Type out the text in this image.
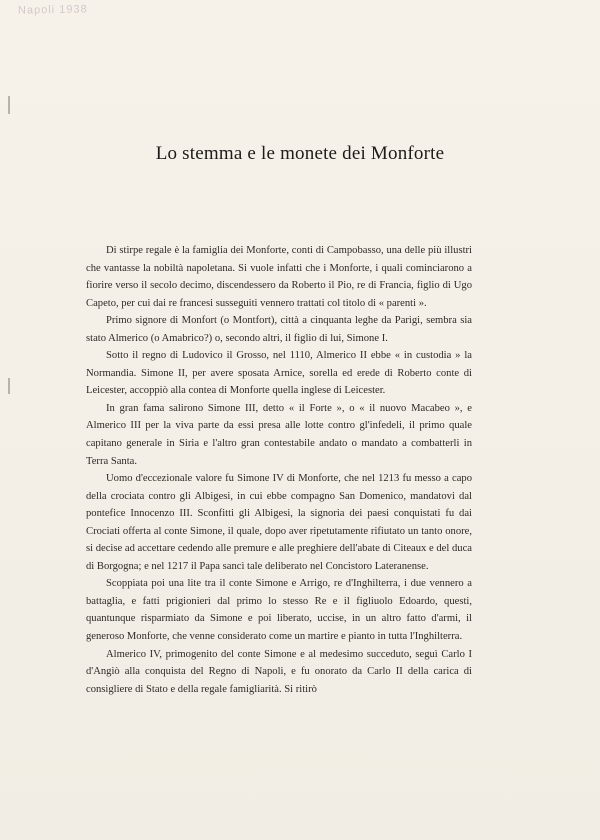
Napoli 1938
Lo stemma e le monete dei Monforte

Di stirpe regale è la famiglia dei Monforte, conti di Campobasso, una delle più illustri che vantasse la nobiltà napoletana. Si vuole infatti che i Monforte, i quali cominciarono a fiorire verso il secolo decimo, discendessero da Roberto il Pio, re di Francia, figlio di Ugo Capeto, per cui dai re francesi susseguiti vennero trattati col titolo di « parenti ».

Primo signore di Monfort (o Montfort), città a cinquanta leghe da Parigi, sembra sia stato Almerico (o Amabrico?) o, secondo altri, il figlio di lui, Simone I.

Sotto il regno di Ludovico il Grosso, nel 1110, Almerico II ebbe « in custodia » la Normandia. Simone II, per avere sposata Arnice, sorella ed erede di Roberto conte di Leicester, accoppiò alla contea di Monforte quella inglese di Leicester.

In gran fama salirono Simone III, detto « il Forte », o « il nuovo Macabeo », e Almerico III per la viva parte da essi presa alle lotte contro gl'infedeli, il primo quale capitano generale in Siria e l'altro gran contestabile andato o mandato a combatterli in Terra Santa.

Uomo d'eccezionale valore fu Simone IV di Monforte, che nel 1213 fu messo a capo della crociata contro gli Albigesi, in cui ebbe compagno San Domenico, mandatovi dal pontefice Innocenzo III. Sconfitti gli Albigesi, la signoria dei paesi conquistati fu dai Crociati offerta al conte Simone, il quale, dopo aver ripetutamente rifiutato un tanto onore, si decise ad accettare cedendo alle premure e alle preghiere dell'abate di Citeaux e del duca di Borgogna; e nel 1217 il Papa sancì tale deliberato nel Concistoro Lateranense.

Scoppiata poi una lite tra il conte Simone e Arrigo, re d'Inghilterra, i due vennero a battaglia, e fatti prigionieri dal primo lo stesso Re e il figliuolo Edoardo, questi, quantunque risparmiato da Simone e poi liberato, uccise, in un altro fatto d'armi, il generoso Monforte, che venne considerato come un martire e pianto in tutta l'Inghilterra.

Almerico IV, primogenito del conte Simone e al medesimo succeduto, seguì Carlo I d'Angiò alla conquista del Regno di Napoli, e fu onorato da Carlo II della carica di consigliere di Stato e della regale famigliarità. Si ritirò
